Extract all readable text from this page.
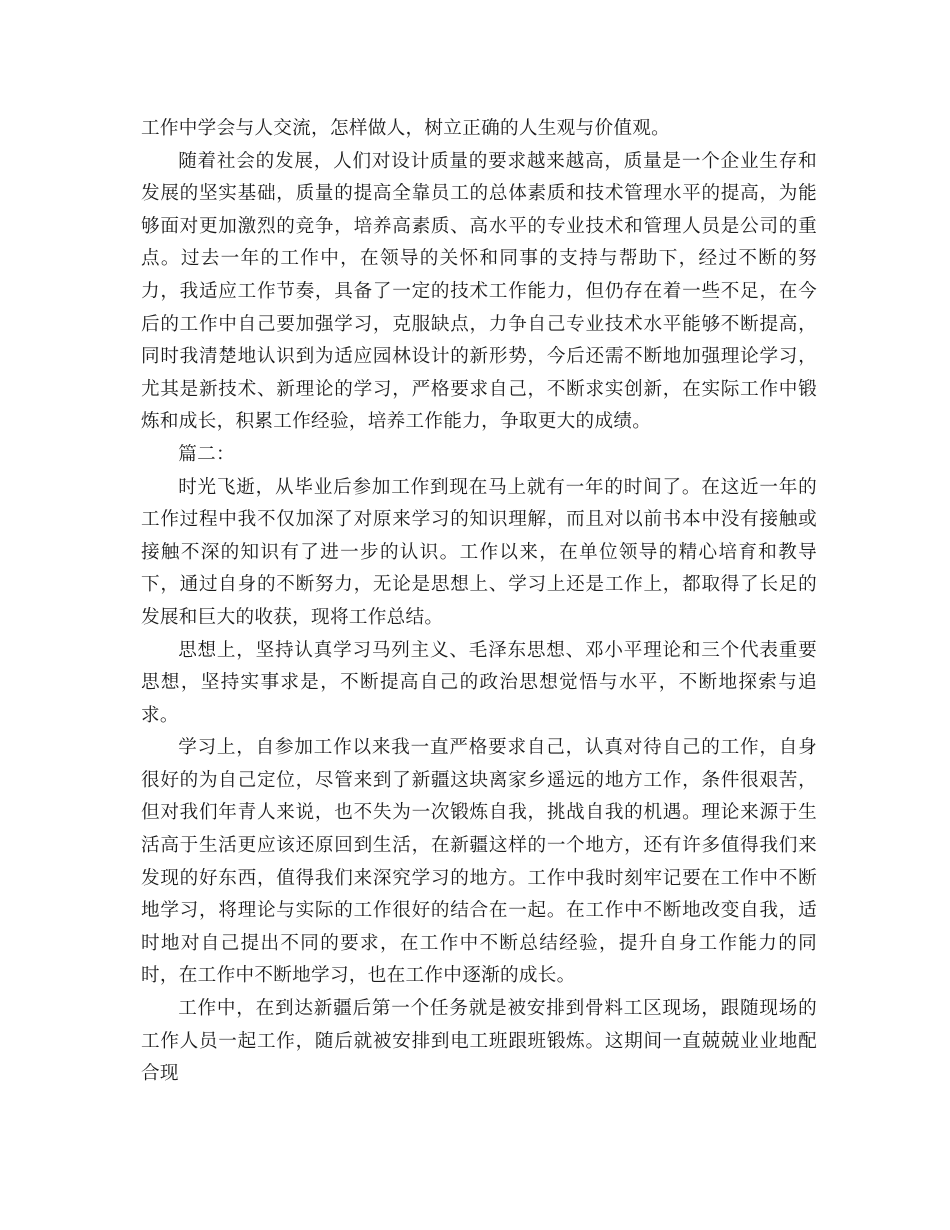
工作中学会与人交流，怎样做人，树立正确的人生观与价值观。

随着社会的发展，人们对设计质量的要求越来越高，质量是一个企业生存和发展的坚实基础，质量的提高全靠员工的总体素质和技术管理水平的提高，为能够面对更加激烈的竞争，培养高素质、高水平的专业技术和管理人员是公司的重点。过去一年的工作中，在领导的关怀和同事的支持与帮助下，经过不断的努力，我适应工作节奏，具备了一定的技术工作能力，但仍存在着一些不足，在今后的工作中自己要加强学习，克服缺点，力争自己专业技术水平能够不断提高，同时我清楚地认识到为适应园林设计的新形势，今后还需不断地加强理论学习，尤其是新技术、新理论的学习，严格要求自己，不断求实创新，在实际工作中锻炼和成长，积累工作经验，培养工作能力，争取更大的成绩。

篇二：

时光飞逝，从毕业后参加工作到现在马上就有一年的时间了。在这近一年的工作过程中我不仅加深了对原来学习的知识理解，而且对以前书本中没有接触或接触不深的知识有了进一步的认识。工作以来，在单位领导的精心培育和教导下，通过自身的不断努力，无论是思想上、学习上还是工作上，都取得了长足的发展和巨大的收获，现将工作总结。

思想上，坚持认真学习马列主义、毛泽东思想、邓小平理论和三个代表重要思想，坚持实事求是，不断提高自己的政治思想觉悟与水平，不断地探索与追求。

学习上，自参加工作以来我一直严格要求自己，认真对待自己的工作，自身很好的为自己定位，尽管来到了新疆这块离家乡遥远的地方工作，条件很艰苦，但对我们年青人来说，也不失为一次锻炼自我，挑战自我的机遇。理论来源于生活高于生活更应该还原回到生活，在新疆这样的一个地方，还有许多值得我们来发现的好东西，值得我们来深究学习的地方。工作中我时刻牢记要在工作中不断地学习，将理论与实际的工作很好的结合在一起。在工作中不断地改变自我，适时地对自己提出不同的要求，在工作中不断总结经验，提升自身工作能力的同时，在工作中不断地学习，也在工作中逐渐的成长。

工作中，在到达新疆后第一个任务就是被安排到骨料工区现场，跟随现场的工作人员一起工作，随后就被安排到电工班跟班锻炼。这期间一直兢兢业业地配合现
